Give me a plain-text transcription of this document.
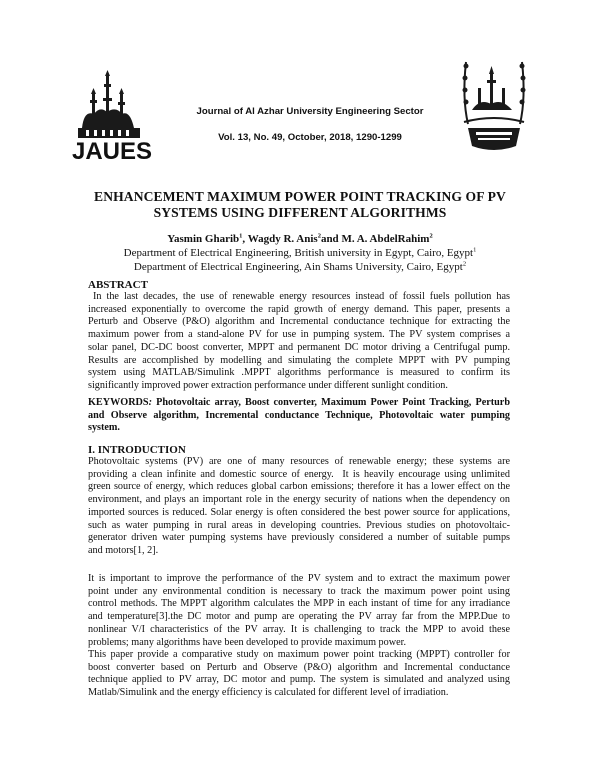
JAUES
Journal of Al Azhar University Engineering Sector
Vol. 13, No. 49, October, 2018, 1290-1299
ENHANCEMENT MAXIMUM POWER POINT TRACKING OF PV
SYSTEMS USING DIFFERENT ALGORITHMS
Yasmin Gharib$^1$, Wagdy R. Anis$^2$and M. A. AbdelRahim$^2$
Department of Electrical Engineering, British university in Egypt, Cairo, Egypt$^1$
Department of Electrical Engineering, Ain Shams University, Cairo, Egypt$^2$
ABSTRACT
In the last decades, the use of renewable energy resources instead of fossil fuels pollution has
increased exponentially to overcome the rapid growth of energy demand. This paper, presents a
Perturb and Observe (P&O) algorithm and Incremental conductance technique for extracting the
maximum power from a stand-alone PV for use in pumping system. The PV system comprises a
solar panel, DC-DC boost converter, MPPT and permanent DC motor driving a Centrifugal pump.
Results are accomplished by modelling and simulating the complete MPPT with PV pumping
system using MATLAB/Simulink .MPPT algorithms performance is measured to confirm its
significantly improved power extraction performance under different sunlight condition.
KEYWORDS: Photovoltaic array, Boost converter, Maximum Power Point Tracking, Perturb
and Observe algorithm, Incremental conductance Technique, Photovoltaic water pumping
system.
I. INTRODUCTION
Photovoltaic systems (PV) are one of many resources of renewable energy; these systems are
providing a clean infinite and domestic source of energy.  It is heavily encourage using unlimited
green source of energy, which reduces global carbon emissions; therefore it has a lower effect on the
environment, and plays an important role in the energy security of nations when the dependency on
imported sources is reduced. Solar energy is often considered the best power source for applications,
such as water pumping in rural areas in developing countries. Previous studies on photovoltaic-
generator driven water pumping systems have previously considered a number of suitable pumps
and motors[1, 2].
It is important to improve the performance of the PV system and to extract the maximum power
point under any environmental condition is necessary to track the maximum power point using
control methods. The MPPT algorithm calculates the MPP in each instant of time for any irradiance
and temperature[3].the DC motor and pump are operating the PV array far from the MPP.Due to
nonlinear V/I characteristics of the PV array. It is challenging to track the MPP to avoid these
problems; many algorithms have been developed to provide maximum power.
This paper provide a comparative study on maximum power point tracking (MPPT) controller for
boost converter based on Perturb and Observe (P&O) algorithm and Incremental conductance
technique applied to PV array, DC motor and pump. The system is simulated and analyzed using
Matlab/Simulink and the energy efficiency is calculated for different level of irradiation.
